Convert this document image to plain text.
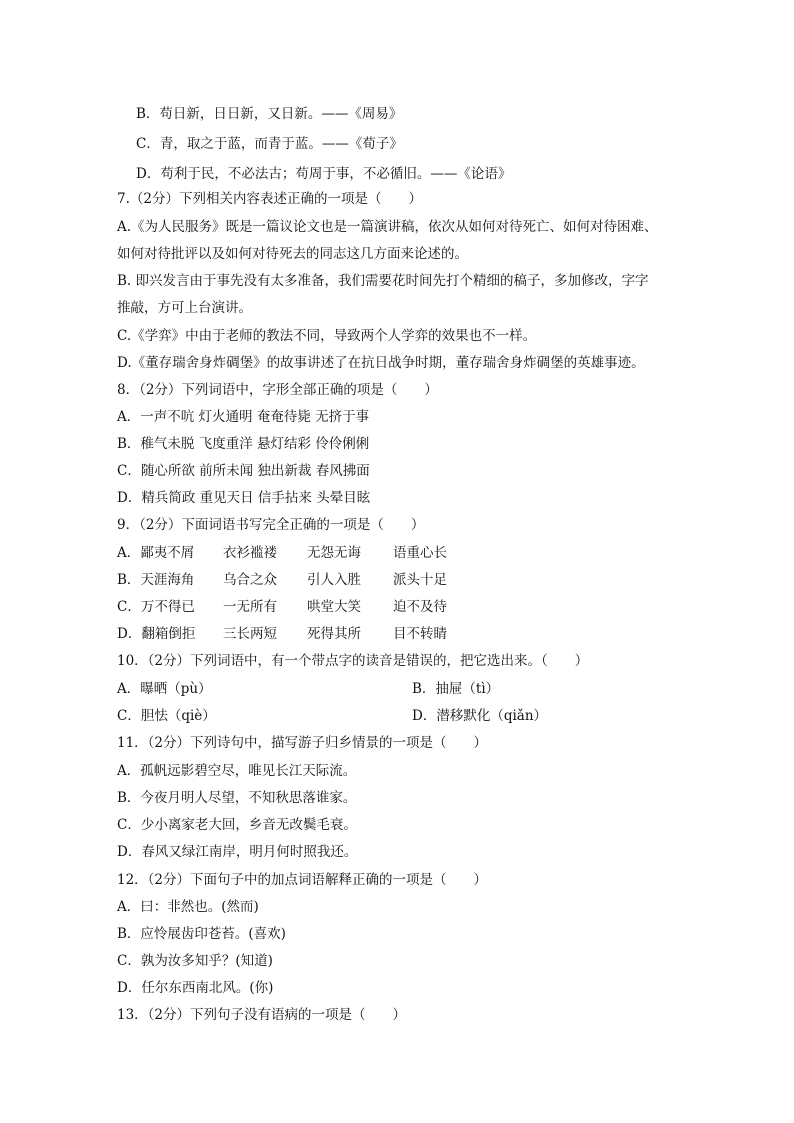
B．苟日新，日日新，又日新。——《周易》
C．青，取之于蓝，而青于蓝。——《荀子》
D．苟利于民，不必法古；苟周于事，不必循旧。——《论语》
7.（2分）下列相关内容表述正确的一项是（　　）
A.《为人民服务》既是一篇议论文也是一篇演讲稿，依次从如何对待死亡、如何对待困难、
如何对待批评以及如何对待死去的同志这几方面来论述的。
B. 即兴发言由于事先没有太多准备，我们需要花时间先打个精细的稿子，多加修改，字字
推敲，方可上台演讲。
C.《学弈》中由于老师的教法不同，导致两个人学弈的效果也不一样。
D.《董存瑞舍身炸碉堡》的故事讲述了在抗日战争时期，董存瑞舍身炸碉堡的英雄事迹。
8．（2分）下列词语中，字形全部正确的项是（　　）
A．一声不吭 灯火通明 奄奄待毙 无挤于事
B．稚气未脱 飞度重洋 悬灯结彩 伶伶俐俐
C．随心所欲 前所未闻 独出新裁 春风拂面
D．精兵简政 重见天日 信手拈来 头晕目眩
9．（2分）下面词语书写完全正确的一项是（　　）
A．鄙夷不屑 衣衫褴褛 无怨无诲 语重心长
B．天涯海角 乌合之众 引人入胜 派头十足
C．万不得已 一无所有 哄堂大笑 迫不及待
D．翻箱倒拒 三长两短 死得其所 目不转睛
10．（2分）下列词语中，有一个带点字的读音是错误的，把它选出来。（　　）
A．曝晒（pù）	B．抽屉（tì）
C．胆怯（qiè）	D．潜移默化（qiǎn）
11．（2分）下列诗句中，描写游子归乡情景的一项是（　　）
A．孤帆远影碧空尽，唯见长江天际流。
B．今夜月明人尽望，不知秋思落谁家。
C．少小离家老大回，乡音无改鬓毛衰。
D．春风又绿江南岸，明月何时照我还。
12．（2分）下面句子中的加点词语解释正确的一项是（　　）
A．曰：非然也。(然而)
B．应怜展齿印苍苔。(喜欢)
C．孰为汝多知乎？(知道)
D．任尔东西南北风。(你)
13．（2分）下列句子没有语病的一项是（　　）
